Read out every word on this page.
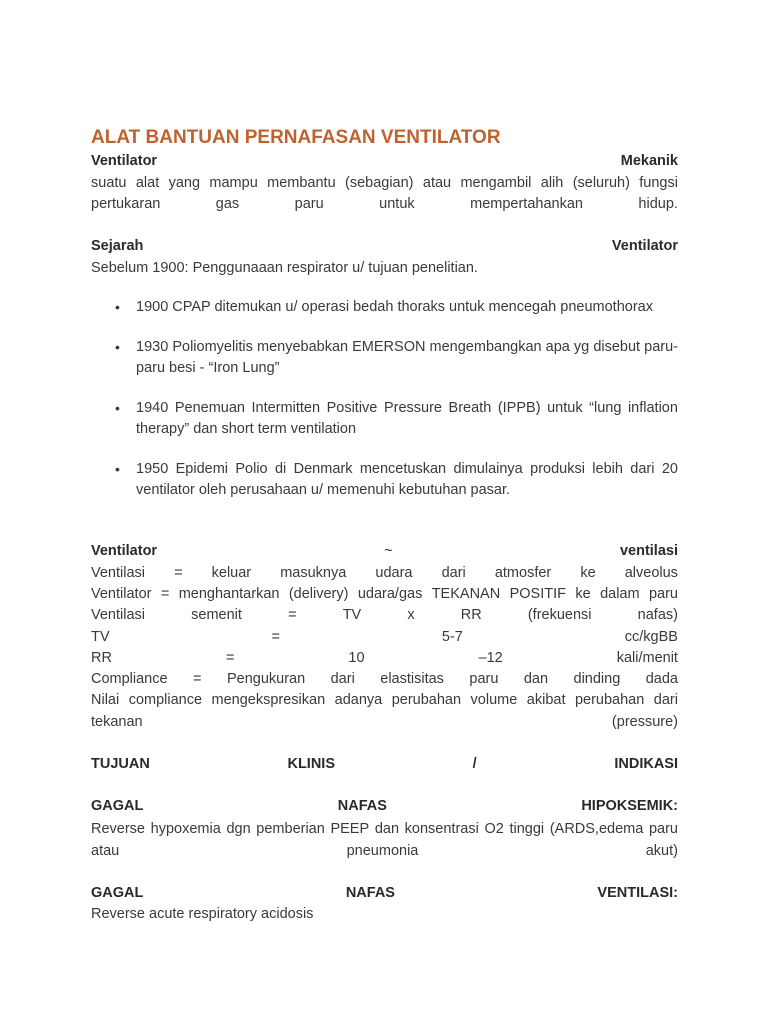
ALAT BANTUAN PERNAFASAN VENTILATOR
Ventilator	Mekanik
suatu alat yang mampu membantu (sebagian) atau mengambil alih (seluruh) fungsi
pertukaran	gas	paru	untuk	mempertahankan	hidup.
Sejarah	Ventilator
Sebelum 1900: Penggunaaan respirator u/ tujuan penelitian.
• 1900 CPAP ditemukan u/ operasi bedah thoraks untuk mencegah pneumothorax
• 1930 Poliomyelitis menyebabkan EMERSON mengembangkan apa yg disebut paru-
paru besi - “Iron Lung”
• 1940 Penemuan Intermitten Positive Pressure Breath (IPPB) untuk “lung inflation
therapy” dan short term ventilation
• 1950 Epidemi Polio di Denmark mencetuskan dimulainya produksi lebih dari 20
ventilator oleh perusahaan u/ memenuhi kebutuhan pasar.
Ventilator	~	ventilasi
Ventilasi = keluar masuknya udara dari atmosfer ke alveolus
Ventilator = menghantarkan (delivery) udara/gas TEKANAN POSITIF ke dalam paru
Ventilasi	semenit	=	TV	x	RR	(frekuensi	nafas)
TV	=	5-7	cc/kgBB
RR	=	10	–12	kali/menit
Compliance = Pengukuran dari elastisitas paru dan dinding dada
Nilai compliance mengekspresikan adanya perubahan volume akibat perubahan dari
tekanan	(pressure)
TUJUAN	KLINIS	/	INDIKASI
GAGAL	NAFAS	HIPOKSEMIK:
Reverse hypoxemia dgn pemberian PEEP dan konsentrasi O2 tinggi (ARDS,edema paru
atau	pneumonia	akut)
GAGAL	NAFAS	VENTILASI:
Reverse acute respiratory acidosis
